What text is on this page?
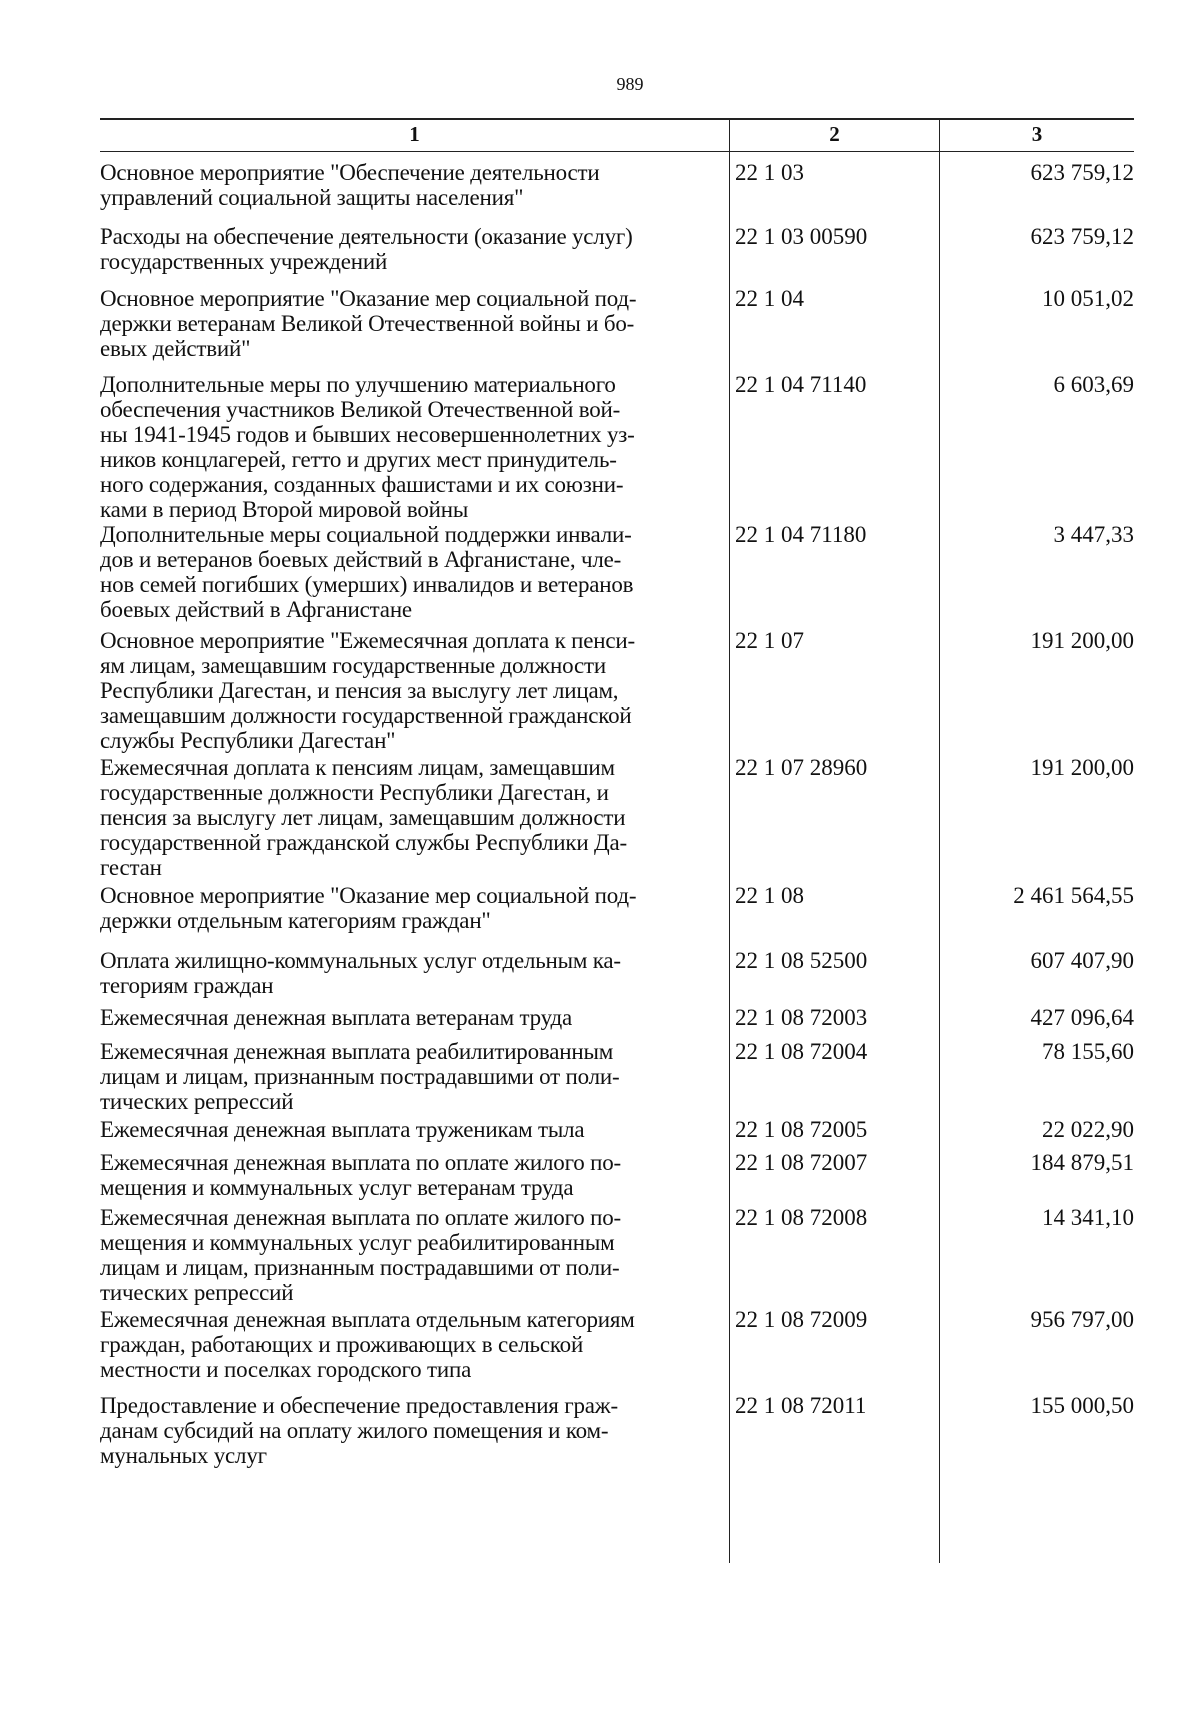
989
1	2	3
Основное мероприятие "Обеспечение деятельности
управлений социальной защиты населения"
22 1 03	623 759,12
Расходы на обеспечение деятельности (оказание услуг)
государственных учреждений
22 1 03 00590	623 759,12
Основное мероприятие "Оказание мер социальной под-
держки ветеранам Великой Отечественной войны и бо-
евых действий"
22 1 04	10 051,02
Дополнительные меры по улучшению материального
обеспечения участников Великой Отечественной вой-
ны 1941-1945 годов и бывших несовершеннолетних уз-
ников концлагерей, гетто и других мест принудитель-
ного содержания, созданных фашистами и их союзни-
ками в период Второй мировой войны
22 1 04 71140	6 603,69
Дополнительные меры социальной поддержки инвали-
дов и ветеранов боевых действий в Афганистане, чле-
нов семей погибших (умерших) инвалидов и ветеранов
боевых действий в Афганистане
22 1 04 71180	3 447,33
Основное мероприятие "Ежемесячная доплата к пенси-
ям лицам, замещавшим государственные должности
Республики Дагестан, и пенсия за выслугу лет лицам,
замещавшим должности государственной гражданской
службы Республики Дагестан"
22 1 07	191 200,00
Ежемесячная доплата к пенсиям лицам, замещавшим
государственные должности Республики Дагестан, и
пенсия за выслугу лет лицам, замещавшим должности
государственной гражданской службы Республики Да-
гестан
22 1 07 28960	191 200,00
Основное мероприятие "Оказание мер социальной под-
держки отдельным категориям граждан"
22 1 08	2 461 564,55
Оплата жилищно-коммунальных услуг отдельным ка-
тегориям граждан
22 1 08 52500	607 407,90
Ежемесячная денежная выплата ветеранам труда	22 1 08 72003	427 096,64
Ежемесячная денежная выплата реабилитированным
лицам и лицам, признанным пострадавшими от поли-
тических репрессий
22 1 08 72004	78 155,60
Ежемесячная денежная выплата труженикам тыла	22 1 08 72005	22 022,90
Ежемесячная денежная выплата по оплате жилого по-
мещения и коммунальных услуг ветеранам труда
22 1 08 72007	184 879,51
Ежемесячная денежная выплата по оплате жилого по-
мещения и коммунальных услуг реабилитированным
лицам и лицам, признанным пострадавшими от поли-
тических репрессий
22 1 08 72008	14 341,10
Ежемесячная денежная выплата отдельным категориям
граждан, работающих и проживающих в сельской
местности и поселках городского типа
22 1 08 72009	956 797,00
Предоставление и обеспечение предоставления граж-
данам субсидий на оплату жилого помещения и ком-
мунальных услуг
22 1 08 72011	155 000,50
